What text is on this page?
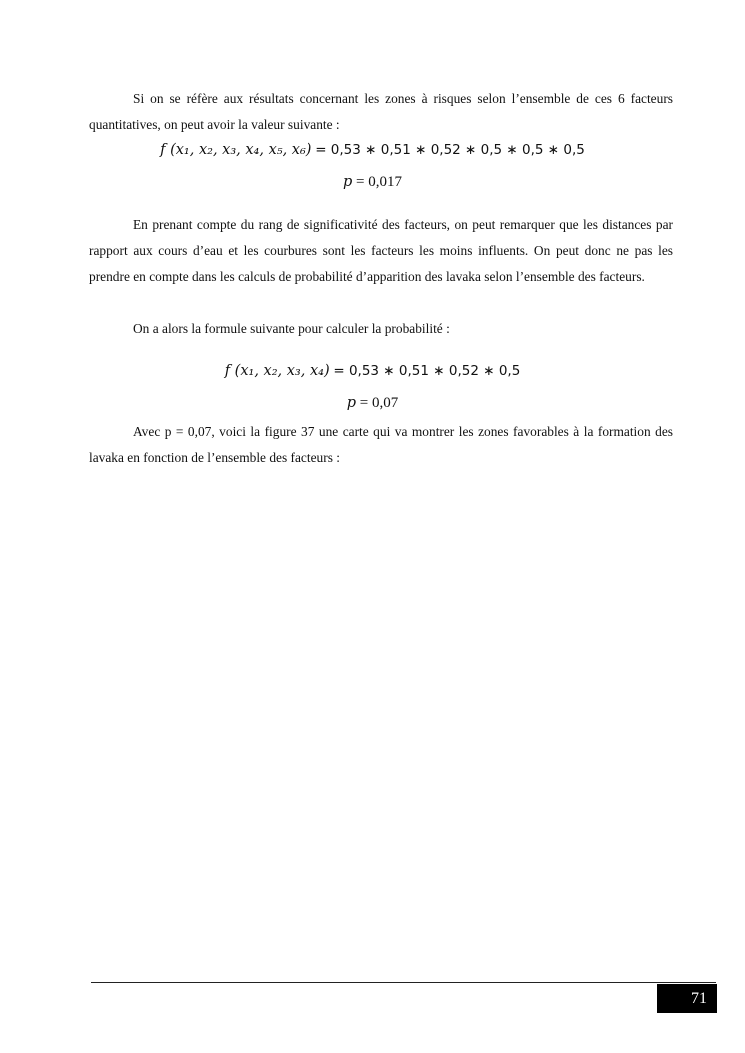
Si on se réfère aux résultats concernant les zones à risques selon l’ensemble de ces 6 facteurs quantitatives, on peut avoir la valeur suivante :

f (x₁, x₂, x₃, x₄, x₅, x₆) = 0,53 ∗ 0,51 ∗ 0,52 ∗ 0,5 ∗ 0,5 ∗ 0,5
p = 0,017

En prenant compte du rang de significativité des facteurs, on peut remarquer que les distances par rapport aux cours d’eau et les courbures sont les facteurs les moins influents. On peut donc ne pas les prendre en compte dans les calculs de probabilité d’apparition des lavaka selon l’ensemble des facteurs.

On a alors la formule suivante pour calculer la probabilité :

f (x₁, x₂, x₃, x₄) = 0,53 ∗ 0,51 ∗ 0,52 ∗ 0,5
p = 0,07

Avec p = 0,07, voici la figure 37 une carte qui va montrer les zones favorables à la formation des lavaka en fonction de l’ensemble des facteurs :

71
